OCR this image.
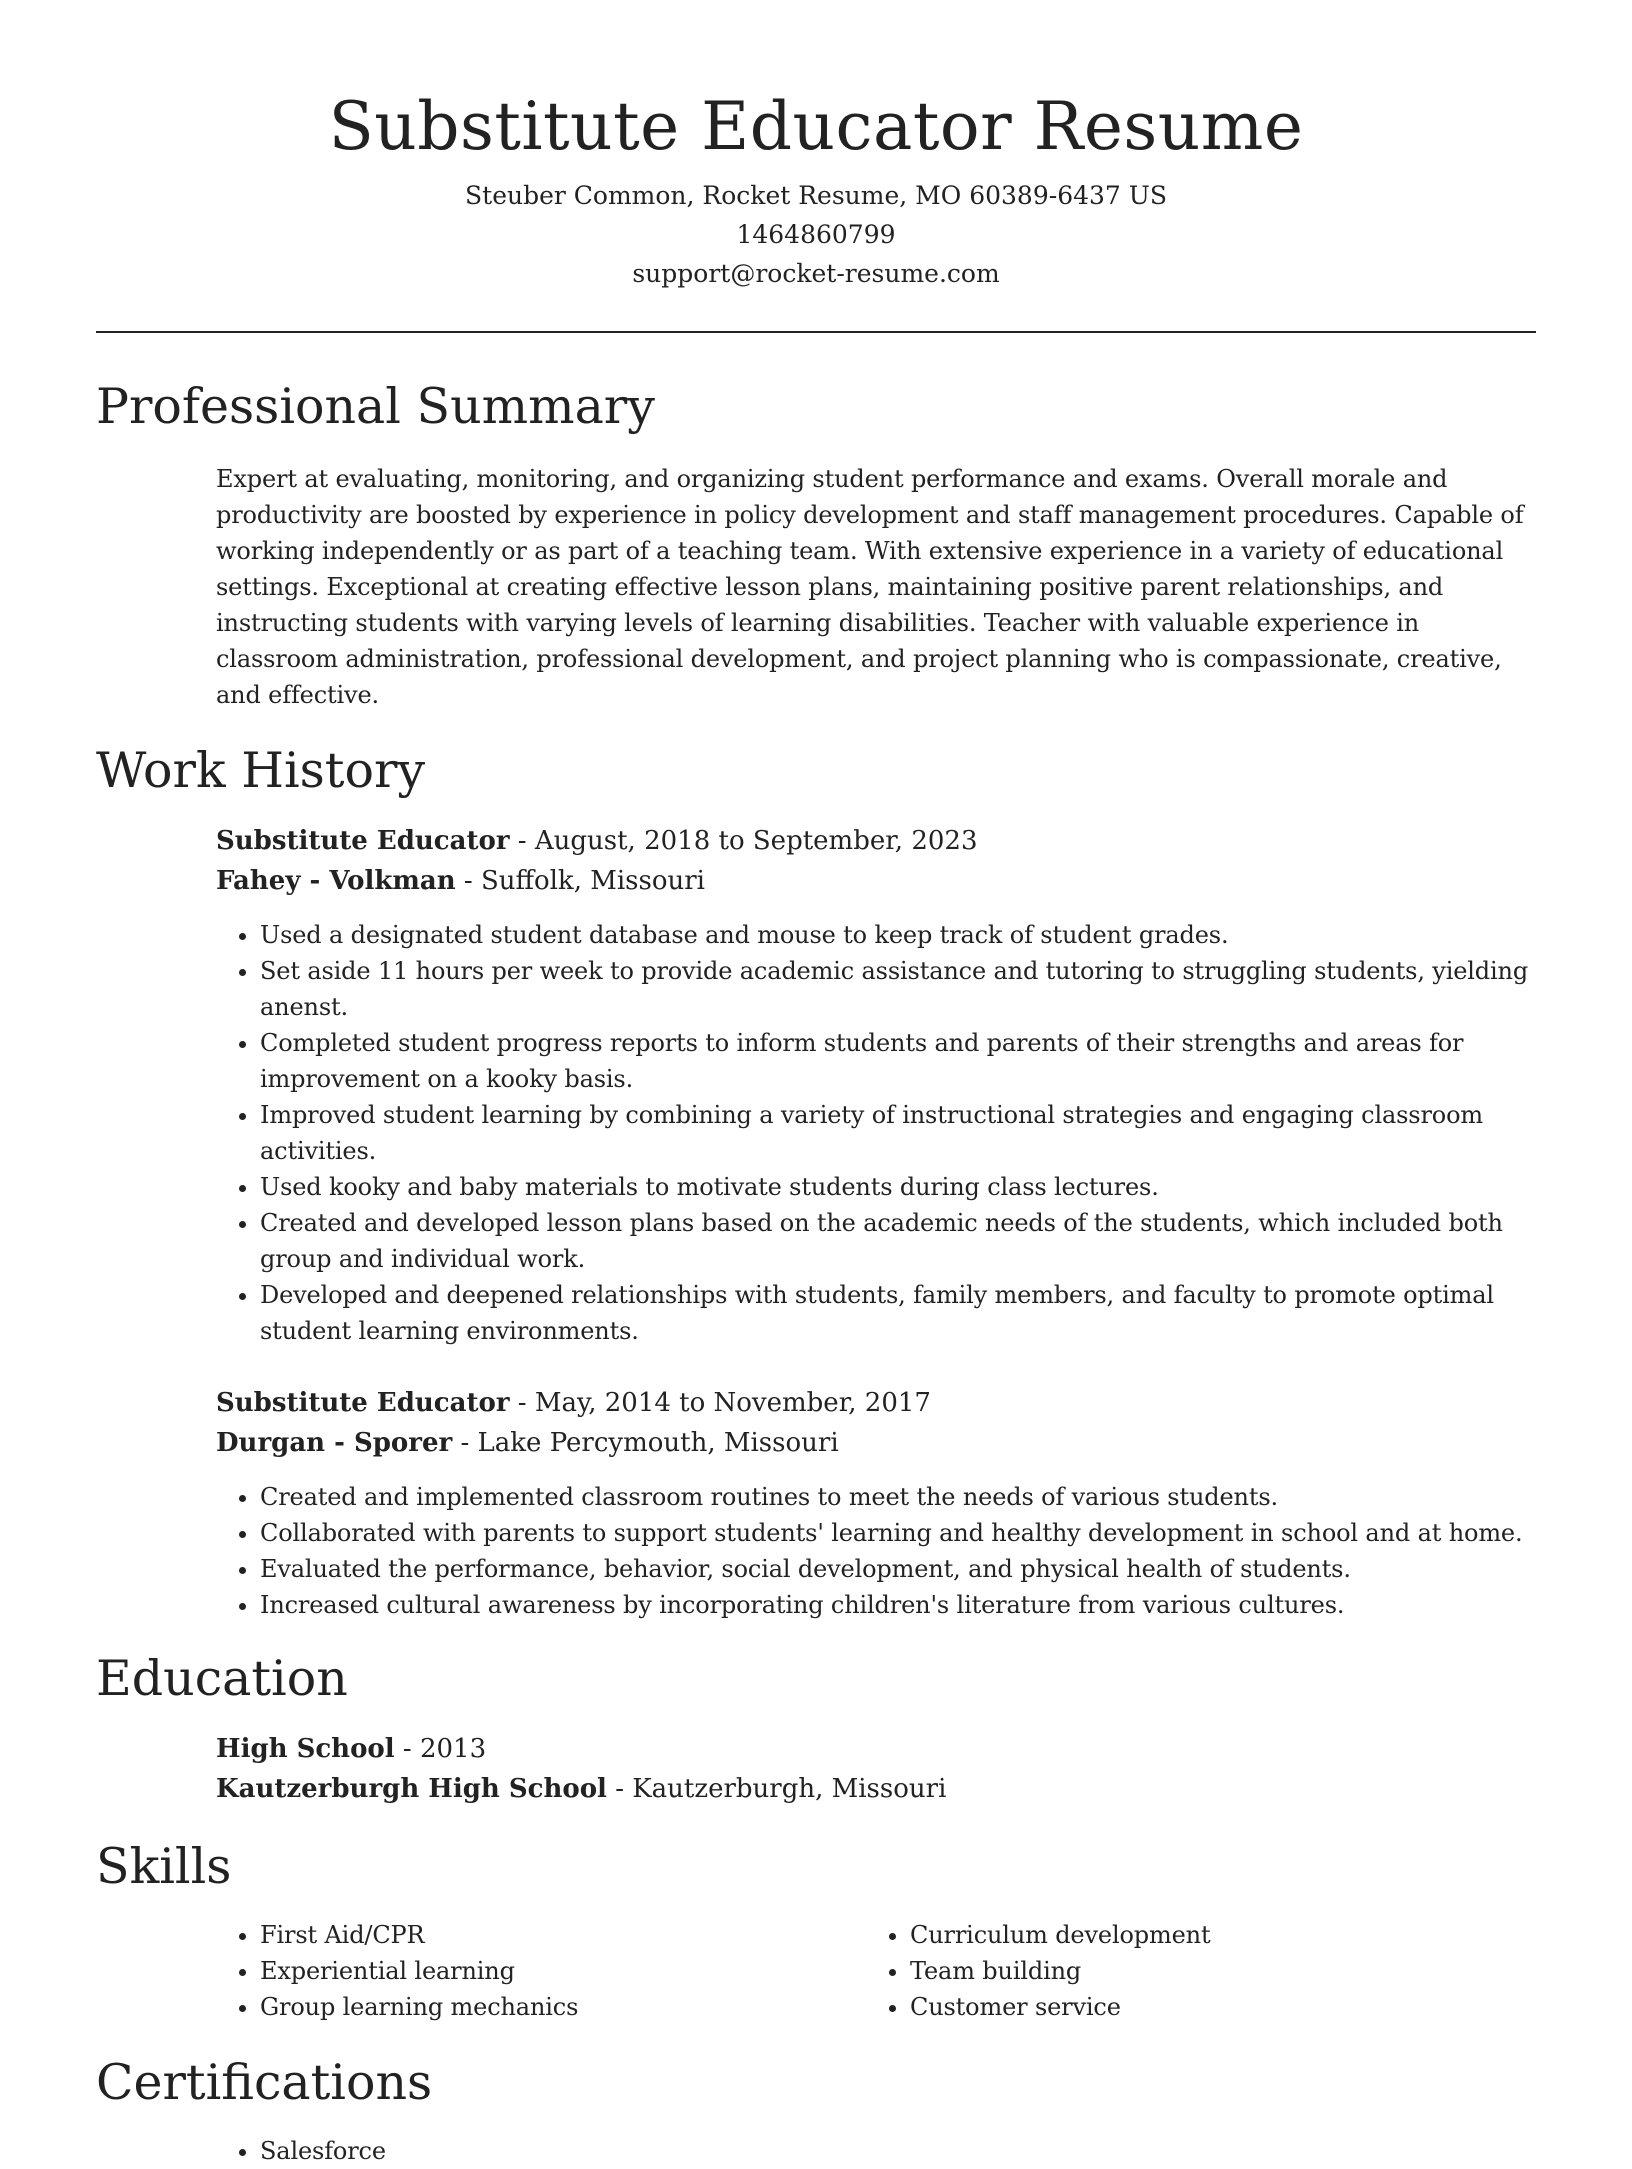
Substitute Educator Resume
Steuber Common, Rocket Resume, MO 60389-6437 US
1464860799
support@rocket-resume.com
Professional Summary

Expert at evaluating, monitoring, and organizing student performance and exams. Overall morale and productivity are boosted by experience in policy development and staff management procedures. Capable of working independently or as part of a teaching team. With extensive experience in a variety of educational settings. Exceptional at creating effective lesson plans, maintaining positive parent relationships, and instructing students with varying levels of learning disabilities. Teacher with valuable experience in classroom administration, professional development, and project planning who is compassionate, creative, and effective.

Work History
Substitute Educator - August, 2018 to September, 2023
Fahey - Volkman - Suffolk, Missouri
• Used a designated student database and mouse to keep track of student grades.
• Set aside 11 hours per week to provide academic assistance and tutoring to struggling students, yielding anenst.
• Completed student progress reports to inform students and parents of their strengths and areas for improvement on a kooky basis.
• Improved student learning by combining a variety of instructional strategies and engaging classroom activities.
• Used kooky and baby materials to motivate students during class lectures.
• Created and developed lesson plans based on the academic needs of the students, which included both group and individual work.
• Developed and deepened relationships with students, family members, and faculty to promote optimal student learning environments.
Substitute Educator - May, 2014 to November, 2017
Durgan - Sporer - Lake Percymouth, Missouri
• Created and implemented classroom routines to meet the needs of various students.
• Collaborated with parents to support students' learning and healthy development in school and at home.
• Evaluated the performance, behavior, social development, and physical health of students.
• Increased cultural awareness by incorporating children's literature from various cultures.
Education
High School - 2013
Kautzerburgh High School - Kautzerburgh, Missouri
Skills
• First Aid/CPR
• Experiential learning
• Group learning mechanics
• Curriculum development
• Team building
• Customer service
Certifications
• Salesforce
